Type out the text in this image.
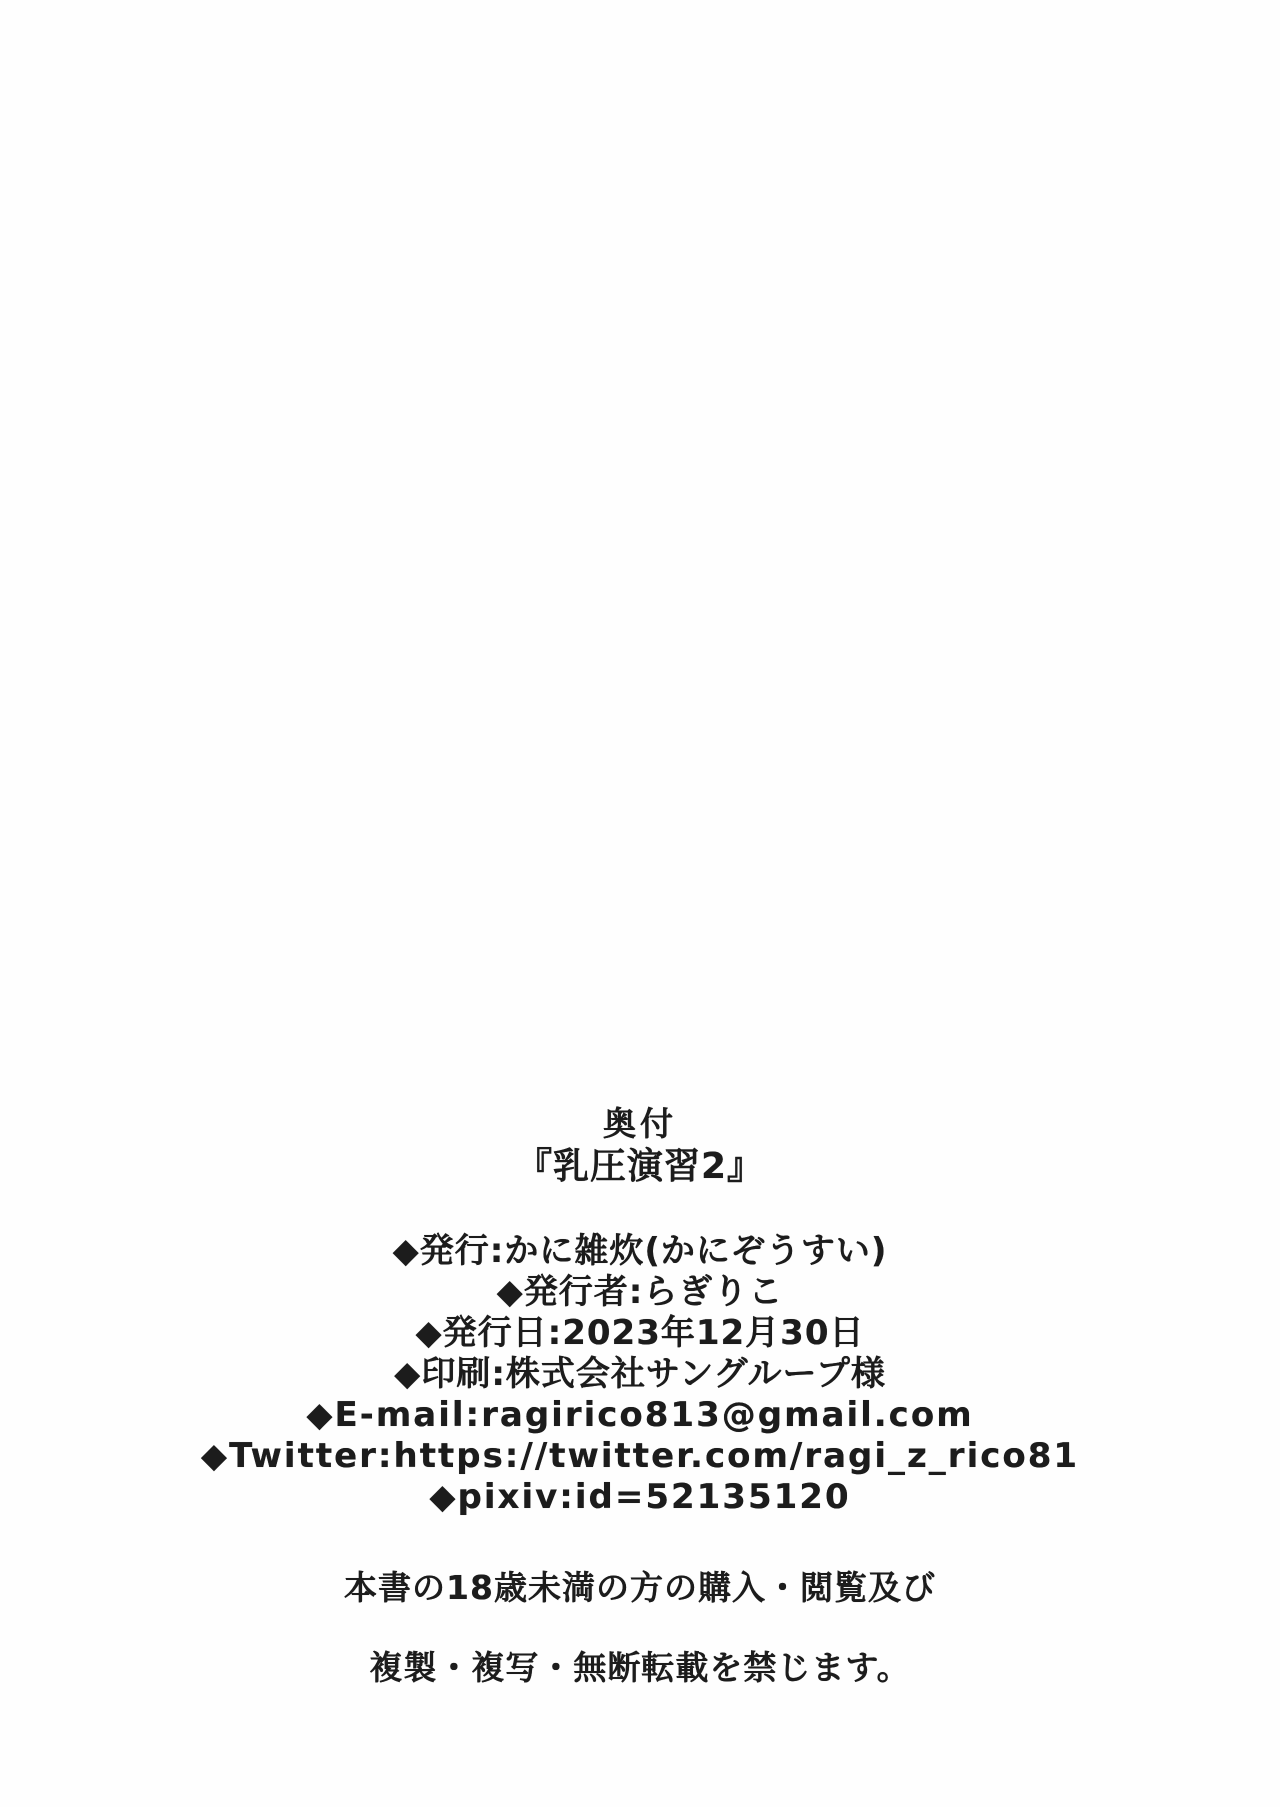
奥付
『乳圧演習2』
◆発行:かに雑炊(かにぞうすい)
◆発行者:らぎりこ
◆発行日:2023年12月30日
◆印刷:株式会社サングループ様
◆E-mail:ragirico813@gmail.com
◆Twitter:https://twitter.com/ragi_z_rico81
◆pixiv:id=52135120
本書の18歳未満の方の購入・閲覧及び
複製・複写・無断転載を禁じます。
